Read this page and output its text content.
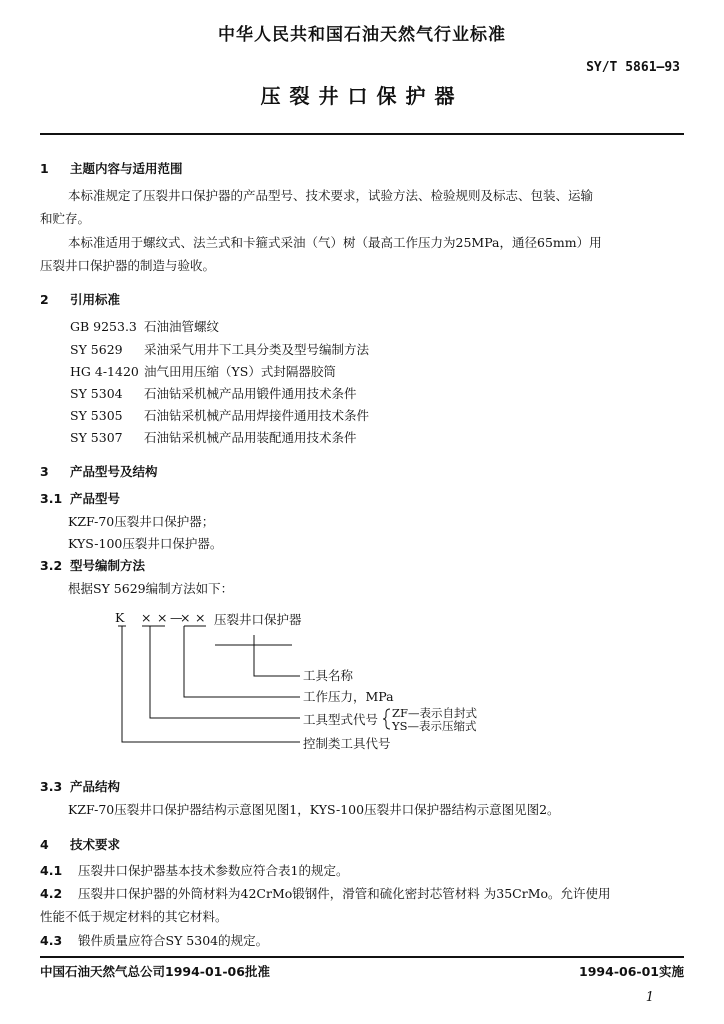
中华人民共和国石油天然气行业标准
SY/T 5861—93
压裂井口保护器
1 主题内容与适用范围
本标准规定了压裂井口保护器的产品型号、技术要求，试验方法、检验规则及标志、包装、运输
和贮存。
本标准适用于螺纹式、法兰式和卡箍式采油（气）树（最高工作压力为25MPa，通径65mm）用
压裂井口保护器的制造与验收。
2 引用标准
GB 9253.3 石油油管螺纹
SY 5629 采油采气用井下工具分类及型号编制方法
HG 4-1420 油气田用压缩（YS）式封隔器胶筒
SY 5304 石油钻采机械产品用锻件通用技术条件
SY 5305 石油钻采机械产品用焊接件通用技术条件
SY 5307 石油钻采机械产品用装配通用技术条件
3 产品型号及结构
3.1 产品型号
KZF-70压裂井口保护器；
KYS-100压裂井口保护器。
3.2 型号编制方法
根据SY 5629编制方法如下：
K × × —
× × 压裂井口保护器
工具名称
工作压力，MPa
工具型式代号 ZF—表示自封式
YS—表示压缩式
控制类工具代号
3.3 产品结构
KZF-70压裂井口保护器结构示意图见图1，KYS-100压裂井口保护器结构示意图见图2。
4 技术要求
4.1 压裂井口保护器基本技术参数应符合表1的规定。
4.2 压裂井口保护器的外筒材料为42CrMo锻钢件，滑管和硫化密封芯管材料 为35CrMo。允许使用
性能不低于规定材料的其它材料。
4.3 锻件质量应符合SY 5304的规定。
中国石油天然气总公司1994-01-06批准	1994-06-01实施
1
